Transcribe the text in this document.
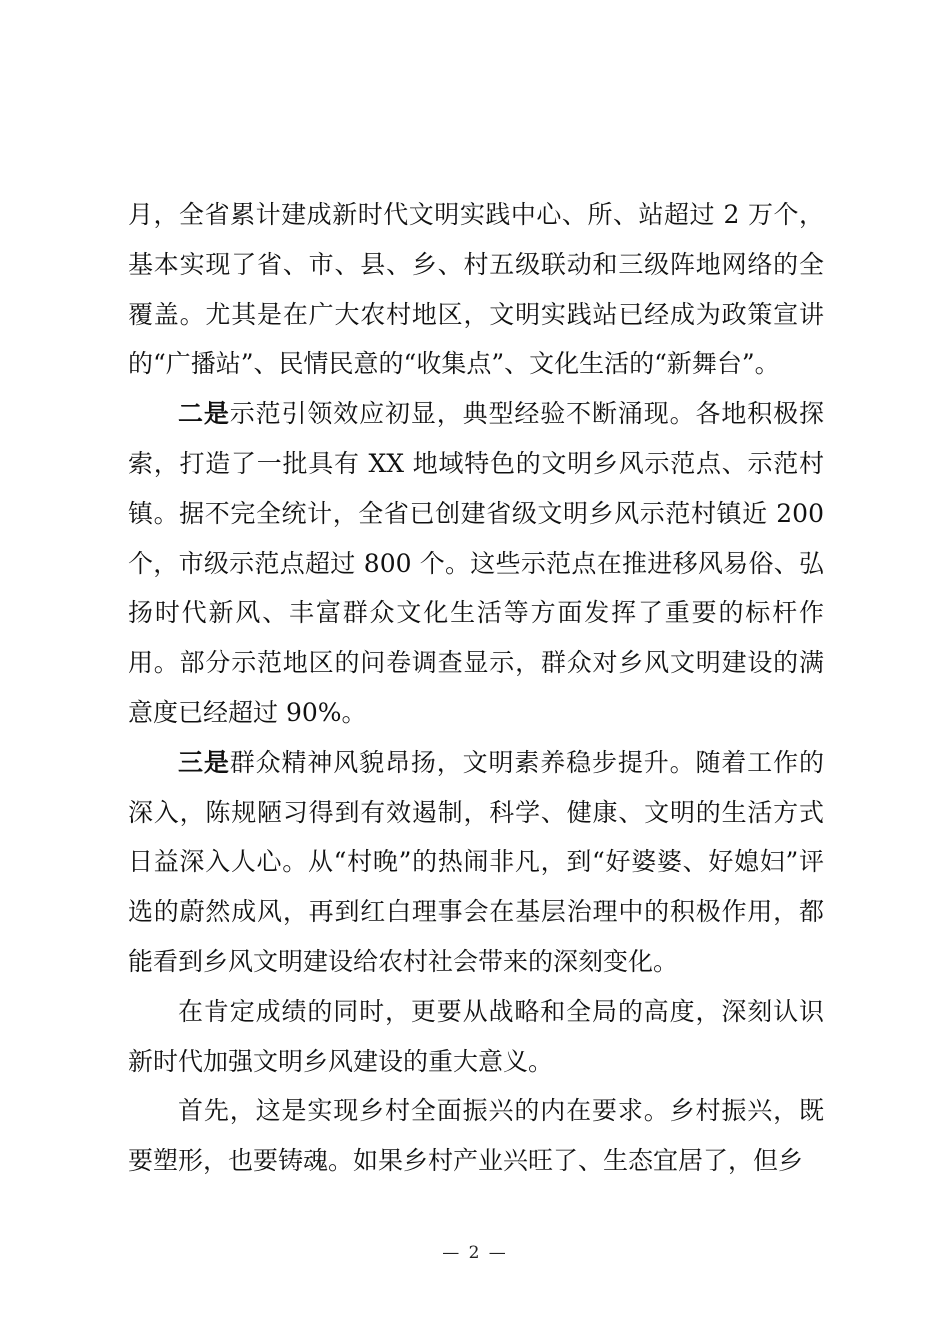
月，全省累计建成新时代文明实践中心、所、站超过 2 万个，基本实现了省、市、县、乡、村五级联动和三级阵地网络的全覆盖。尤其是在广大农村地区，文明实践站已经成为政策宣讲的“广播站”、民情民意的“收集点”、文化生活的“新舞台”。

二是示范引领效应初显，典型经验不断涌现。各地积极探索，打造了一批具有 XX 地域特色的文明乡风示范点、示范村镇。据不完全统计，全省已创建省级文明乡风示范村镇近 200 个，市级示范点超过 800 个。这些示范点在推进移风易俗、弘扬时代新风、丰富群众文化生活等方面发挥了重要的标杆作用。部分示范地区的问卷调查显示，群众对乡风文明建设的满意度已经超过 90%。

三是群众精神风貌昂扬，文明素养稳步提升。随着工作的深入，陈规陋习得到有效遏制，科学、健康、文明的生活方式日益深入人心。从“村晚”的热闹非凡，到“好婆婆、好媳妇”评选的蔚然成风，再到红白理事会在基层治理中的积极作用，都能看到乡风文明建设给农村社会带来的深刻变化。

在肯定成绩的同时，更要从战略和全局的高度，深刻认识新时代加强文明乡风建设的重大意义。

首先，这是实现乡村全面振兴的内在要求。乡村振兴，既要塑形，也要铸魂。如果乡村产业兴旺了、生态宜居了，但乡

— 2 —
